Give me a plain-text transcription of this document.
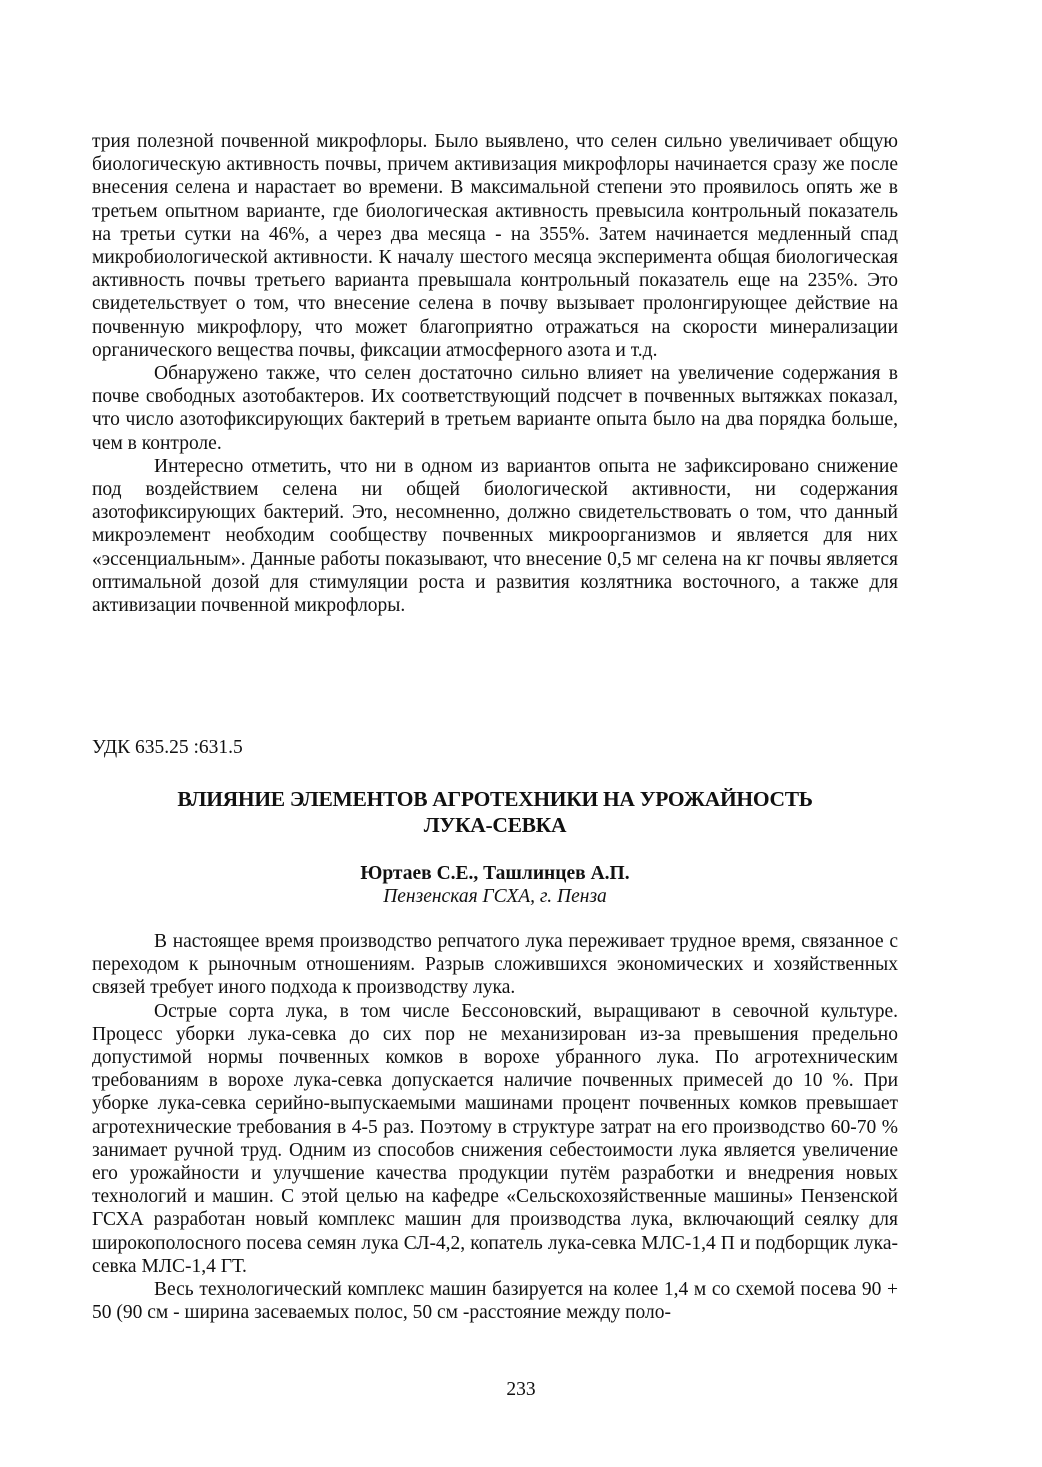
трия полезной почвенной микрофлоры. Было выявлено, что селен сильно увеличивает общую биологическую активность почвы, причем активизация микрофлоры начинается сразу же после внесения селена и нарастает во времени. В максимальной степени это проявилось опять же в третьем опытном варианте, где биологическая активность превысила контрольный показатель на третьи сутки на 46%, а через два месяца - на 355%. Затем начинается медленный спад микробиологической активности. К началу шестого месяца эксперимента общая биологическая активность почвы третьего варианта превышала контрольный показатель еще на 235%. Это свидетельствует о том, что внесение селена в почву вызывает пролонгирующее действие на почвенную микрофлору, что может благоприятно отражаться на скорости минерализации органического вещества почвы, фиксации атмосферного азота и т.д.

Обнаружено также, что селен достаточно сильно влияет на увеличение содержания в почве свободных азотобактеров. Их соответствующий подсчет в почвенных вытяжках показал, что число азотофиксирующих бактерий в третьем варианте опыта было на два порядка больше, чем в контроле.

Интересно отметить, что ни в одном из вариантов опыта не зафиксировано снижение под воздействием селена ни общей биологической активности, ни содержания азотофиксирующих бактерий. Это, несомненно, должно свидетельствовать о том, что данный микроэлемент необходим сообществу почвенных микроорганизмов и является для них «эссенциальным». Данные работы показывают, что внесение 0,5 мг селена на кг почвы является оптимальной дозой для стимуляции роста и развития козлятника восточного, а также для активизации почвенной микрофлоры.

УДК 635.25 :631.5
ВЛИЯНИЕ ЭЛЕМЕНТОВ АГРОТЕХНИКИ НА УРОЖАЙНОСТЬ
ЛУКА-СЕВКА
Юртаев С.Е., Ташлинцев А.П.
Пензенская ГСХА, г. Пенза

В настоящее время производство репчатого лука переживает трудное время, связанное с переходом к рыночным отношениям. Разрыв сложившихся экономических и хозяйственных связей требует иного подхода к производству лука.

Острые сорта лука, в том числе Бессоновский, выращивают в севочной культуре. Процесс уборки лука-севка до сих пор не механизирован из-за превышения предельно допустимой нормы почвенных комков в ворохе убранного лука. По агротехническим требованиям в ворохе лука-севка допускается наличие почвенных примесей до 10 %. При уборке лука-севка серийно-выпускаемыми машинами процент почвенных комков превышает агротехнические требования в 4-5 раз. Поэтому в структуре затрат на его производство 60-70 % занимает ручной труд. Одним из способов снижения себестоимости лука является увеличение его урожайности и улучшение качества продукции путём разработки и внедрения новых технологий и машин. С этой целью на кафедре «Сельскохозяйственные машины» Пензенской ГСХА разработан новый комплекс машин для производства лука, включающий сеялку для широкополосного посева семян лука СЛ-4,2, копатель лука-севка МЛС-1,4 П и подборщик лука-севка МЛС-1,4 ГТ.

Весь технологический комплекс машин базируется на колее 1,4 м со схемой посева 90 + 50 (90 см - ширина засеваемых полос, 50 см -расстояние между поло-

233
